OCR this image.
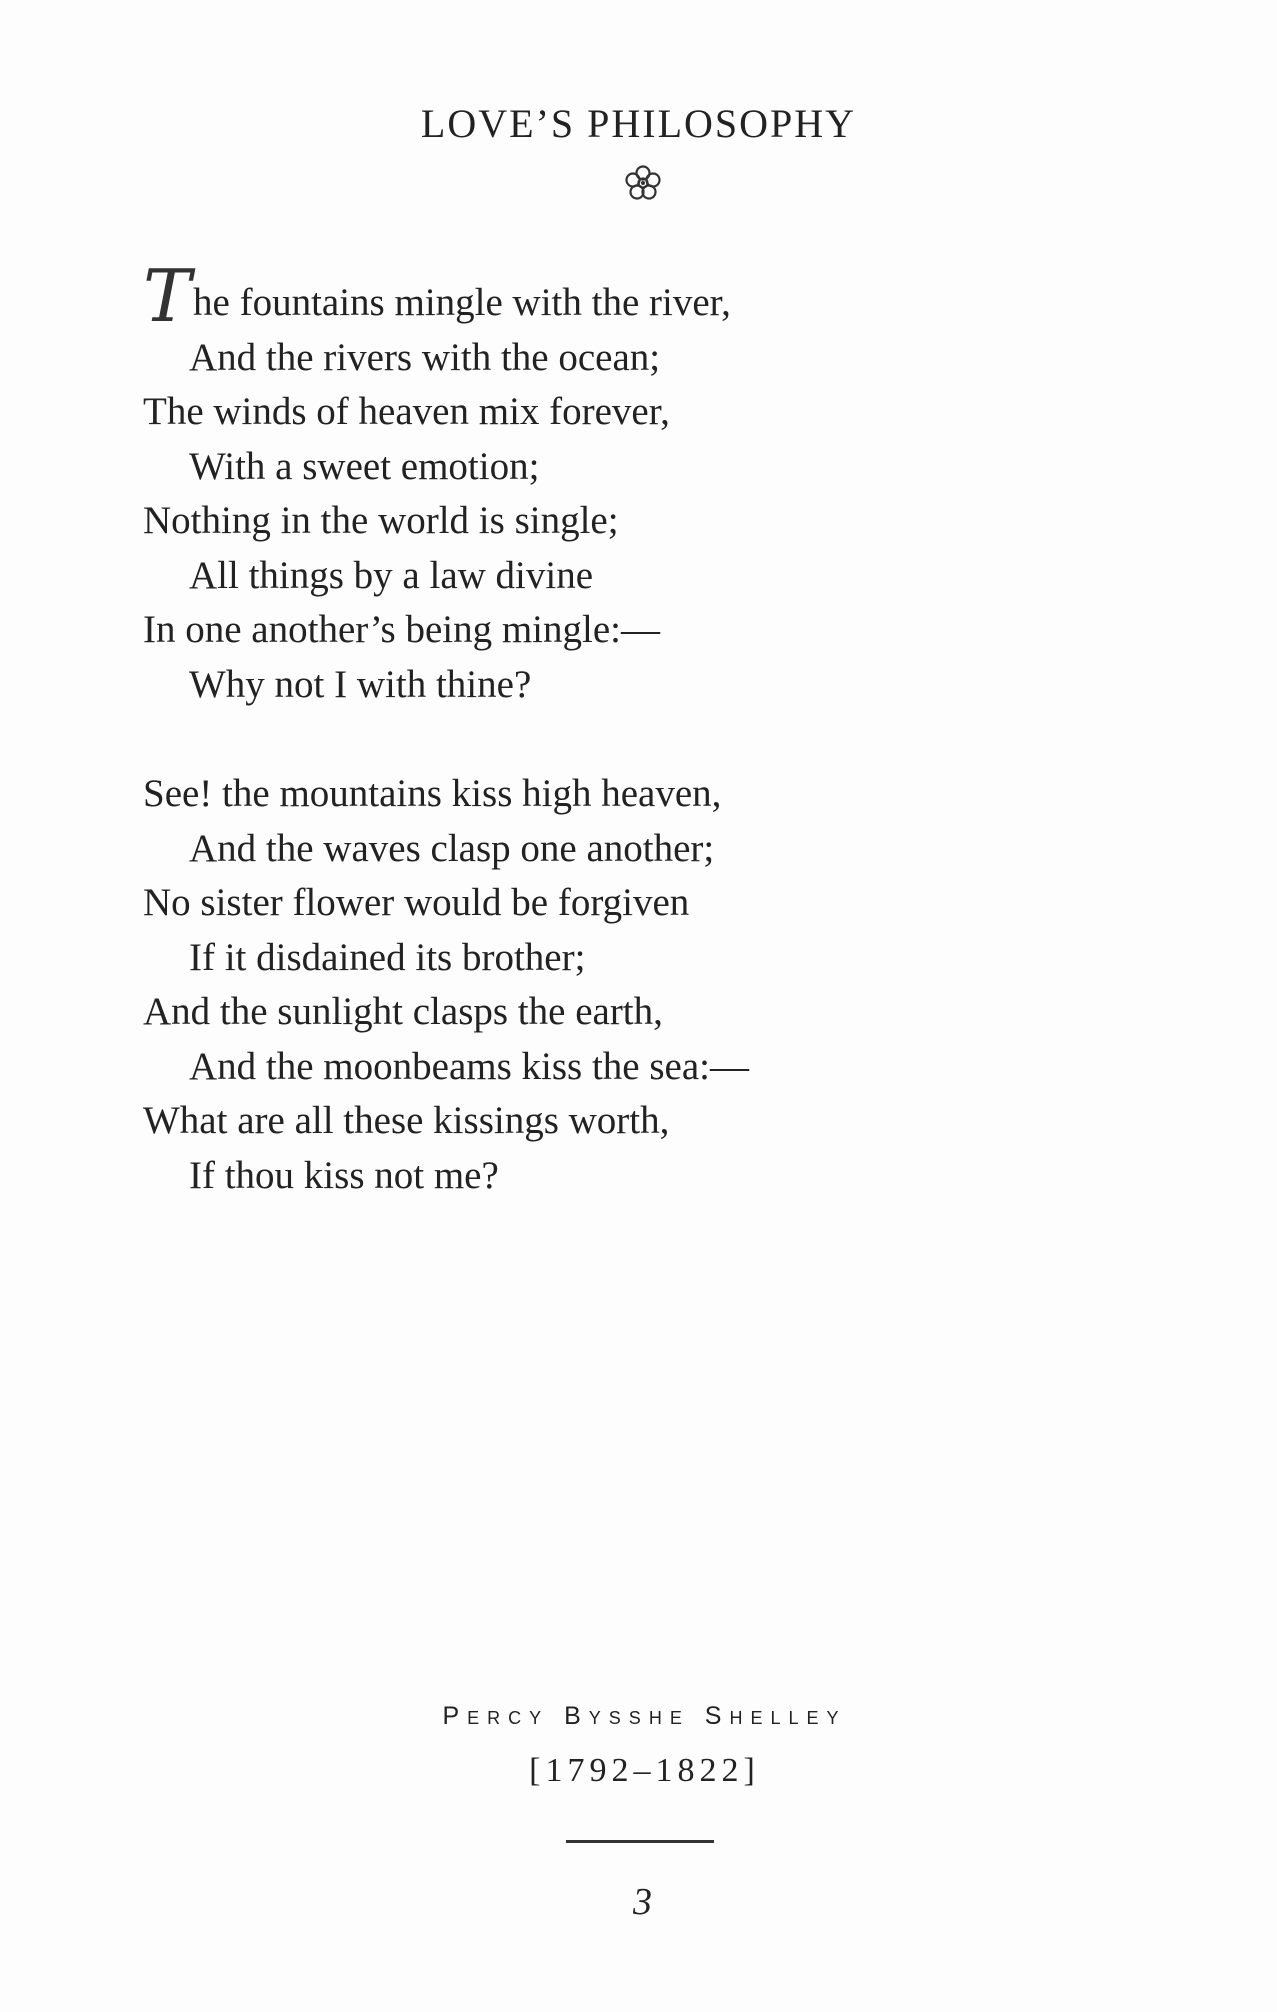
LOVE’S PHILOSOPHY
The fountains mingle with the river,
And the rivers with the ocean;
The winds of heaven mix forever,
With a sweet emotion;
Nothing in the world is single;
All things by a law divine
In one another’s being mingle:—
Why not I with thine?
See! the mountains kiss high heaven,
And the waves clasp one another;
No sister flower would be forgiven
If it disdained its brother;
And the sunlight clasps the earth,
And the moonbeams kiss the sea:—
What are all these kissings worth,
If thou kiss not me?
Percy Bysshe Shelley
[1792–1822]
3
